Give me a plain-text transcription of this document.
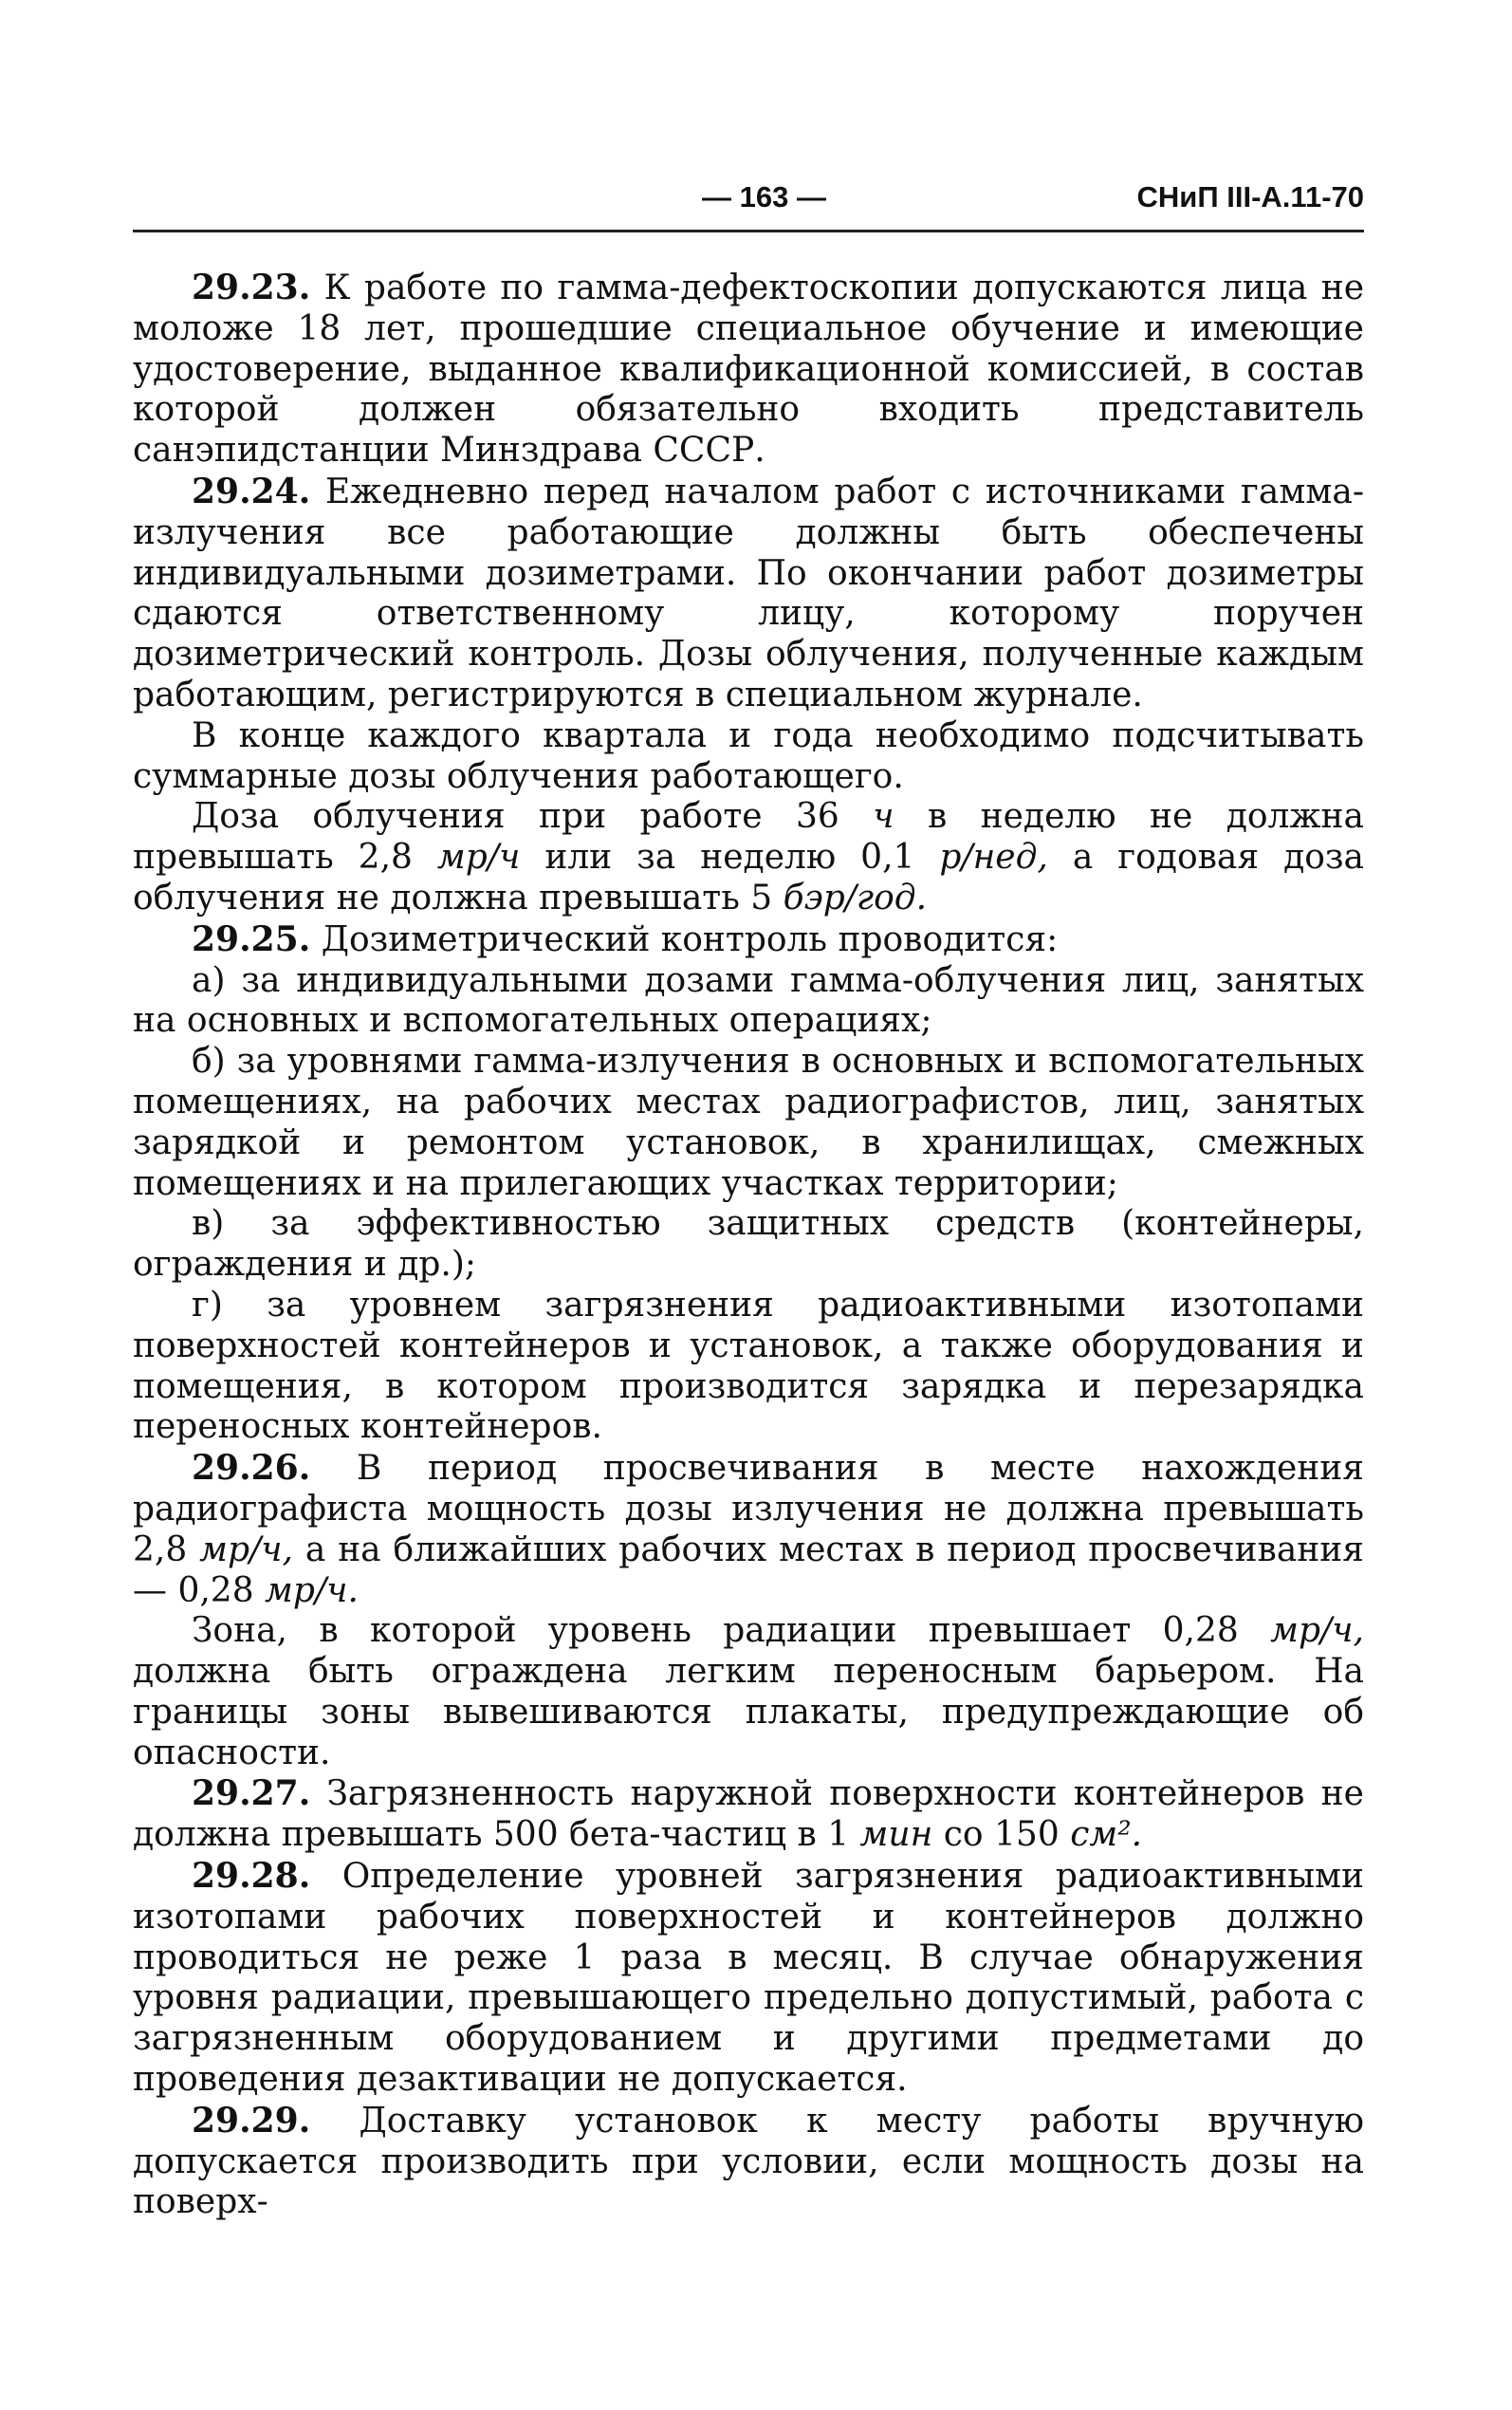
— 163 —	СНиП III-А.11-70

29.23. К работе по гамма-дефектоскопии допускаются лица не моложе 18 лет, прошедшие специальное обучение и имеющие удостоверение, выданное квалификационной комиссией, в состав которой должен обязательно входить представитель санэпидстанции Минздрава СССР.

29.24. Ежедневно перед началом работ с источниками гамма-излучения все работающие должны быть обеспечены индивидуальными дозиметрами. По окончании работ дозиметры сдаются ответственному лицу, которому поручен дозиметрический контроль. Дозы облучения, полученные каждым работающим, регистрируются в специальном журнале.

В конце каждого квартала и года необходимо подсчитывать суммарные дозы облучения работающего.

Доза облучения при работе 36 ч в неделю не должна превышать 2,8 мр/ч или за неделю 0,1 р/нед, а годовая доза облучения не должна превышать 5 бэр/год.

29.25. Дозиметрический контроль проводится:

а) за индивидуальными дозами гамма-облучения лиц, занятых на основных и вспомогательных операциях;

б) за уровнями гамма-излучения в основных и вспомогательных помещениях, на рабочих местах радиографистов, лиц, занятых зарядкой и ремонтом установок, в хранилищах, смежных помещениях и на прилегающих участках территории;

в) за эффективностью защитных средств (контейнеры, ограждения и др.);

г) за уровнем загрязнения радиоактивными изотопами поверхностей контейнеров и установок, а также оборудования и помещения, в котором производится зарядка и перезарядка переносных контейнеров.

29.26. В период просвечивания в месте нахождения радиографиста мощность дозы излучения не должна превышать 2,8 мр/ч, а на ближайших рабочих местах в период просвечивания — 0,28 мр/ч.

Зона, в которой уровень радиации превышает 0,28 мр/ч, должна быть ограждена легким переносным барьером. На границы зоны вывешиваются плакаты, предупреждающие об опасности.

29.27. Загрязненность наружной поверхности контейнеров не должна превышать 500 бета-частиц в 1 мин со 150 см².

29.28. Определение уровней загрязнения радиоактивными изотопами рабочих поверхностей и контейнеров должно проводиться не реже 1 раза в месяц. В случае обнаружения уровня радиации, превышающего предельно допустимый, работа с загрязненным оборудованием и другими предметами до проведения дезактивации не допускается.

29.29. Доставку установок к месту работы вручную допускается производить при условии, если мощность дозы на поверх-
